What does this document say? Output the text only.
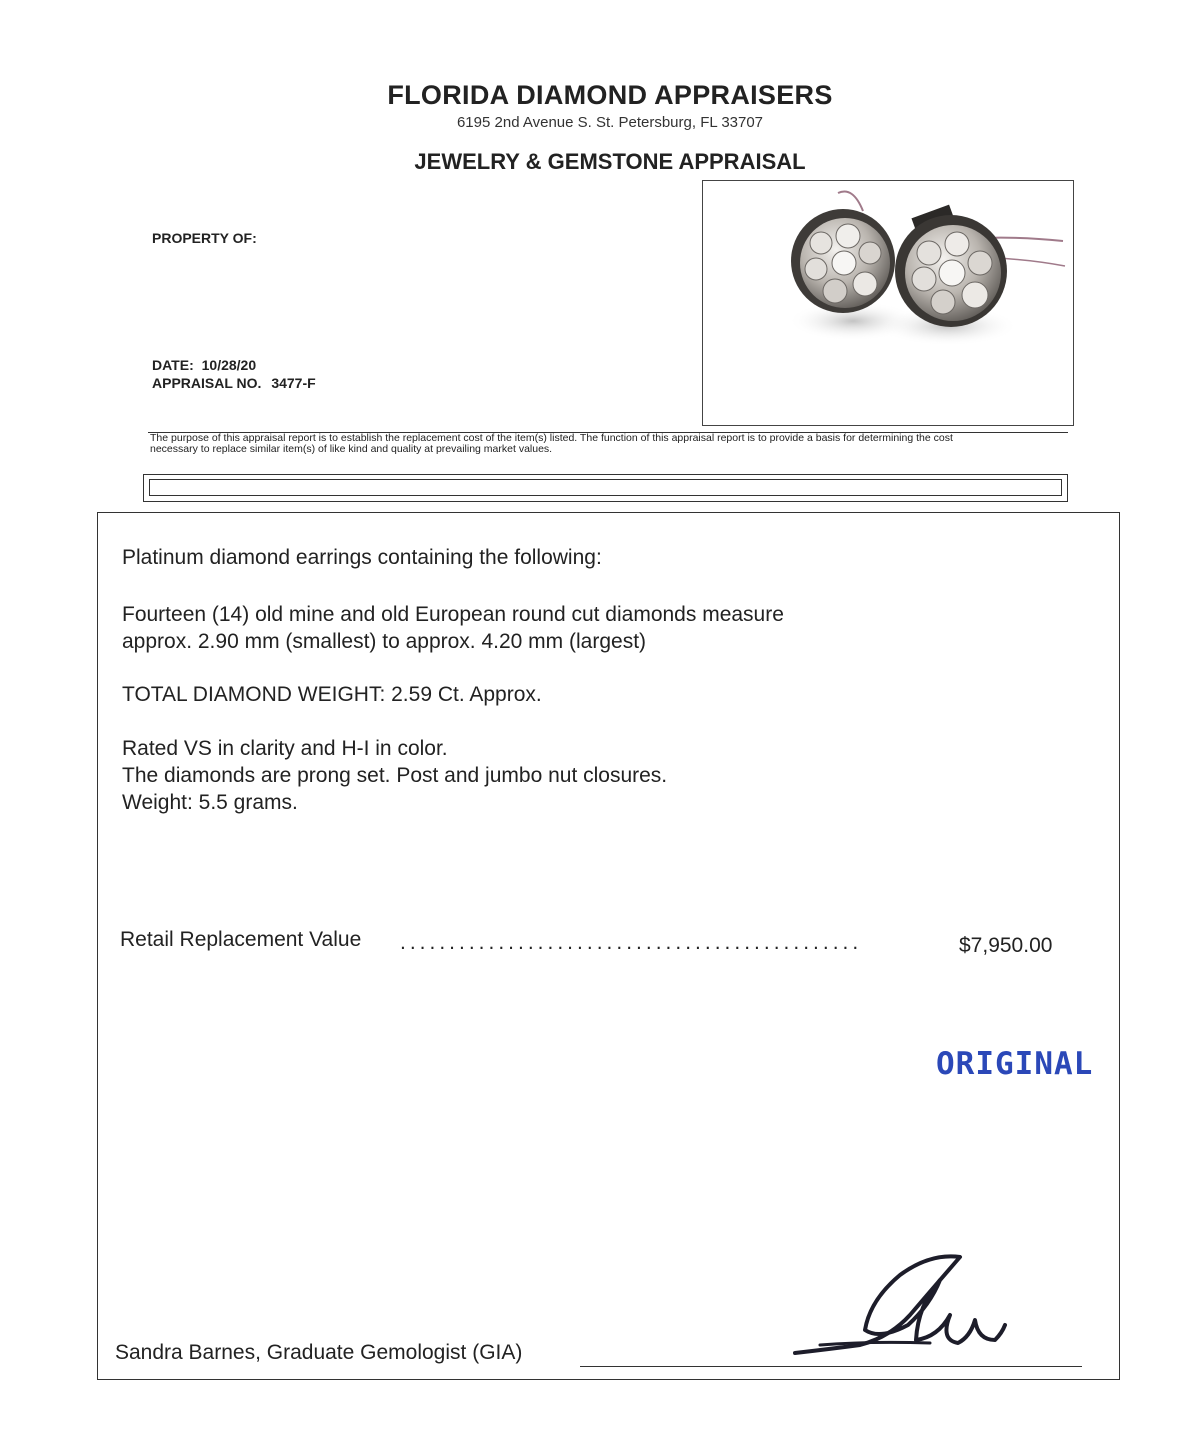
FLORIDA DIAMOND APPRAISERS
6195 2nd Avenue S. St. Petersburg, FL 33707
JEWELRY & GEMSTONE APPRAISAL
PROPERTY OF:
DATE: 10/28/20
APPRAISAL NO. 3477-F
The purpose of this appraisal report is to establish the replacement cost of the item(s) listed. The function of this appraisal report is to provide a basis for determining the cost
necessary to replace similar item(s) of like kind and quality at prevailing market values.
Platinum diamond earrings containing the following:
Fourteen (14) old mine and old European round cut diamonds measure
approx. 2.90 mm (smallest) to approx. 4.20 mm (largest)
TOTAL DIAMOND WEIGHT: 2.59 Ct. Approx.
Rated VS in clarity and H-I in color.
The diamonds are prong set. Post and jumbo nut closures.
Weight: 5.5 grams.
Retail Replacement Value ...............................................	$7,950.00
Sandra Barnes, Graduate Gemologist (GIA)
ORIGINAL
